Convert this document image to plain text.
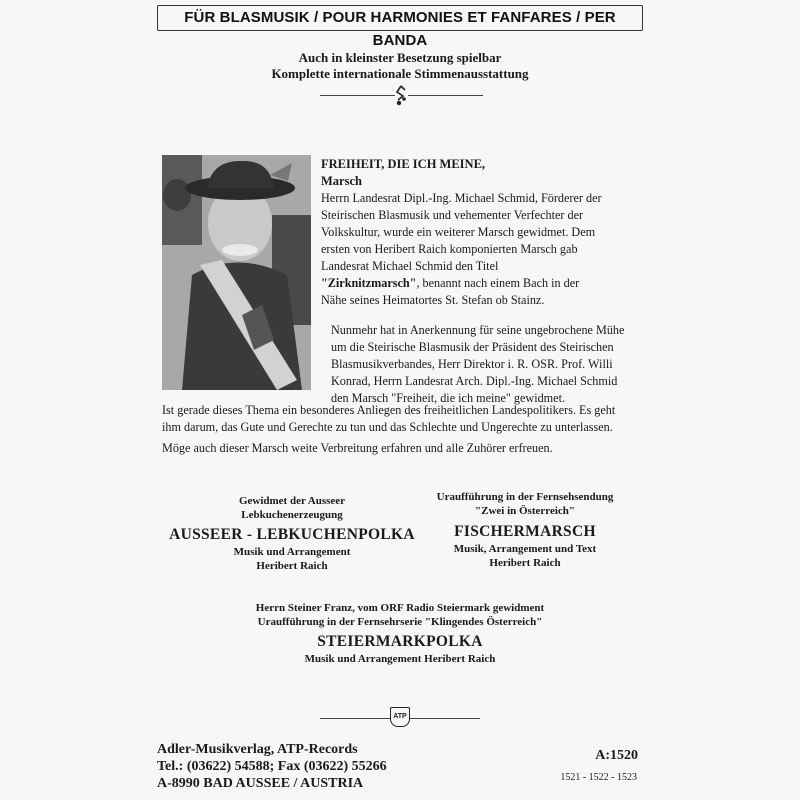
FÜR BLASMUSIK / POUR HARMONIES ET FANFARES / PER BANDA
Auch in kleinster Besetzung spielbar
Komplette internationale Stimmenausstattung
FREIHEIT, DIE ICH MEINE,
Marsch
Herrn Landesrat Dipl.-Ing. Michael Schmid, Förderer der
Steirischen Blasmusik und vehementer Verfechter der
Volkskultur, wurde ein weiterer Marsch gewidmet. Dem
ersten von Heribert Raich komponierten Marsch gab
Landesrat Michael Schmid den Titel
"Zirknitzmarsch", benannt nach einem Bach in der
Nähe seines Heimatortes St. Stefan ob Stainz.
Nunmehr hat in Anerkennung für seine ungebrochene Mühe
um die Steirische Blasmusik der Präsident des Steirischen
Blasmusikverbandes, Herr Direktor i. R. OSR. Prof. Willi
Konrad, Herrn Landesrat Arch. Dipl.-Ing. Michael Schmid
den Marsch "Freiheit, die ich meine" gewidmet.
Ist gerade dieses Thema ein besonderes Anliegen des freiheitlichen Landespolitikers. Es geht
ihm darum, das Gute und Gerechte zu tun und das Schlechte und Ungerechte zu unterlassen.
Möge auch dieser Marsch weite Verbreitung erfahren und alle Zuhörer erfreuen.
Gewidmet der Ausseer
Lebkuchenerzeugung
AUSSEER - LEBKUCHENPOLKA
Musik und Arrangement
Heribert Raich
Uraufführung in der Fernsehsendung
"Zwei in Österreich"
FISCHERMARSCH
Musik, Arrangement und Text
Heribert Raich
Herrn Steiner Franz, vom ORF Radio Steiermark gewidment
Uraufführung in der Fernsehrserie "Klingendes Österreich"
STEIERMARKPOLKA
Musik und Arrangement Heribert Raich
ATP
Adler-Musikverlag, ATP-Records
Tel.: (03622) 54588; Fax (03622) 55266
A-8990 BAD AUSSEE / AUSTRIA
A:1520
1521 - 1522 - 1523
